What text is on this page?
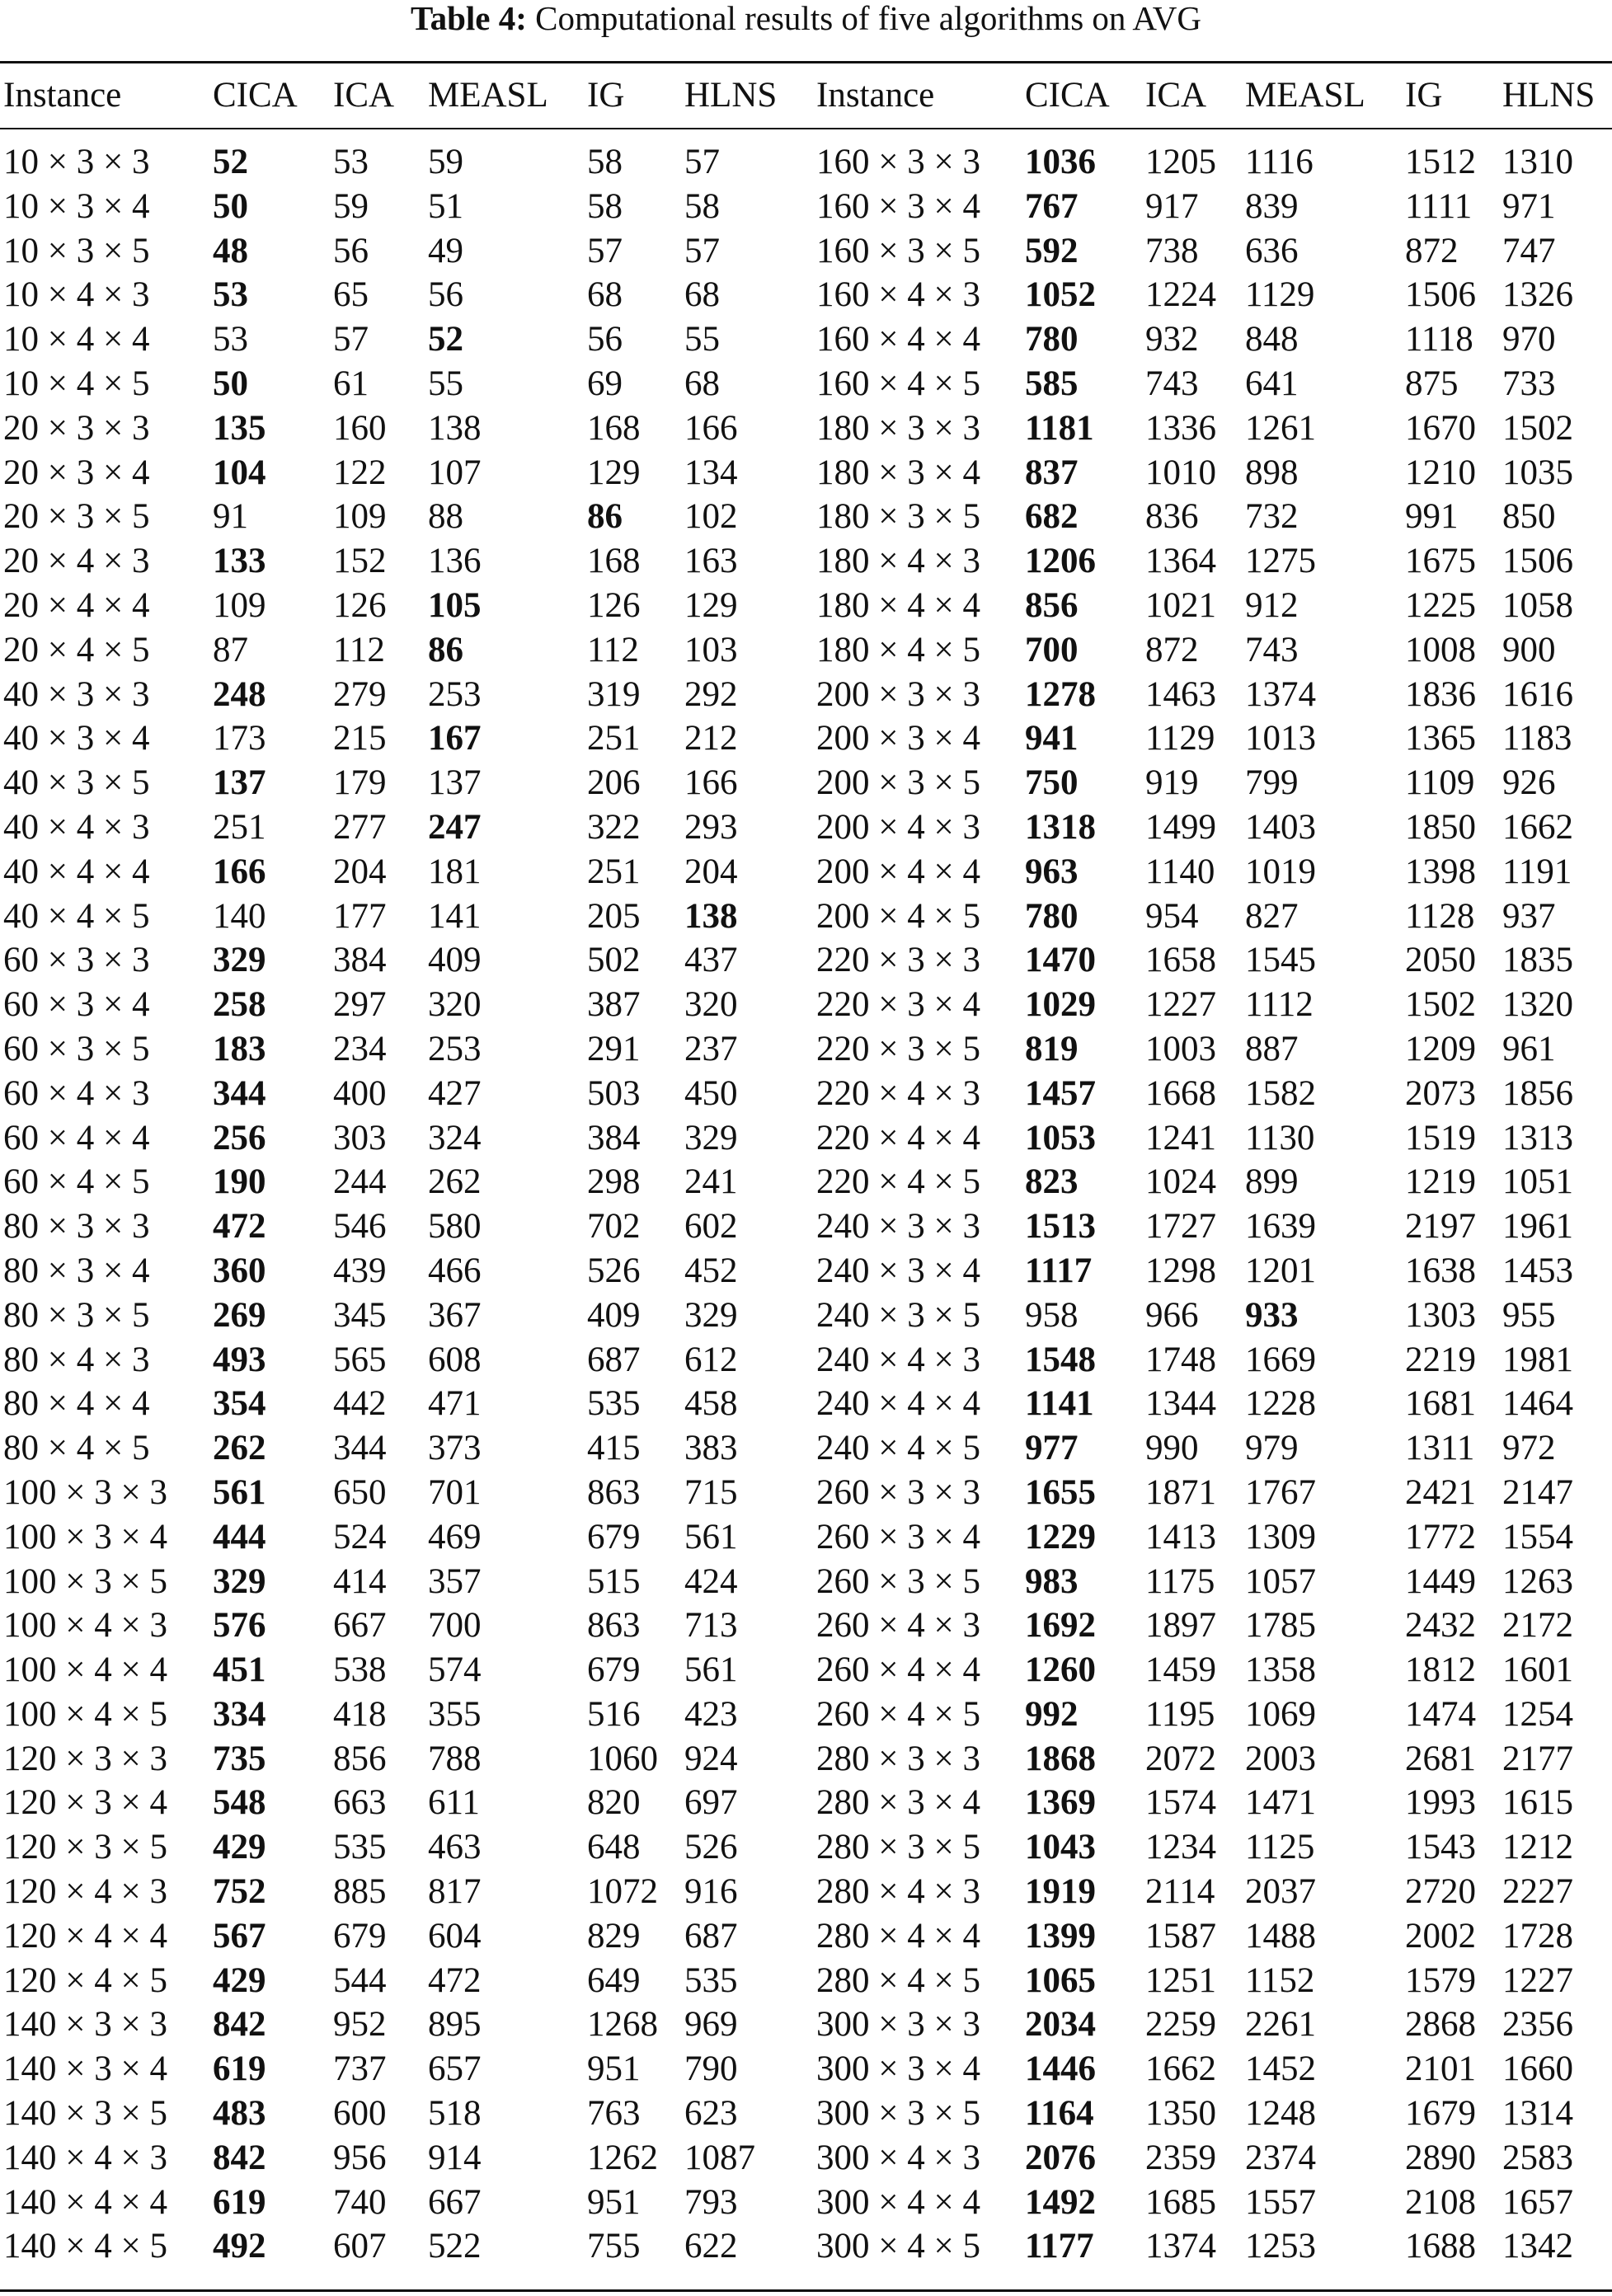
Table 4: Computational results of five algorithms on AVG
Instance	CICA ICA MEASL IG HLNS Instance	CICA ICA MEASL IG HLNS
10 × 3 × 3 52 53 59	58 57	160 × 3 × 3 1036 1205 1116	1512 1310
10 × 3 × 4 50 59 51	58 58	160 × 3 × 4 767 917 839	1111 971
10 × 3 × 5 48 56 49	57 57	160 × 3 × 5 592 738 636	872 747
10 × 4 × 3 53 65 56	68 68	160 × 4 × 3 1052 1224 1129	1506 1326
10 × 4 × 4 53 57 52	56 55	160 × 4 × 4 780 932 848	1118 970
10 × 4 × 5 50 61 55	69 68	160 × 4 × 5 585 743 641	875 733
20 × 3 × 3 135 160 138	168 166 180 × 3 × 3 1181 1336 1261	1670 1502
20 × 3 × 4 104 122 107	129 134 180 × 3 × 4 837 1010 898	1210 1035
20 × 3 × 5 91 109 88	86 102 180 × 3 × 5 682 836 732	991 850
20 × 4 × 3 133 152 136	168 163 180 × 4 × 3 1206 1364 1275	1675 1506
20 × 4 × 4 109 126 105	126 129 180 × 4 × 4 856 1021 912	1225 1058
20 × 4 × 5 87 112 86	112 103 180 × 4 × 5 700 872 743	1008 900
40 × 3 × 3 248 279 253	319 292 200 × 3 × 3 1278 1463 1374	1836 1616
40 × 3 × 4 173 215 167	251 212 200 × 3 × 4 941 1129 1013	1365 1183
40 × 3 × 5 137 179 137	206 166 200 × 3 × 5 750 919 799	1109 926
40 × 4 × 3 251 277 247	322 293 200 × 4 × 3 1318 1499 1403	1850 1662
40 × 4 × 4 166 204 181	251 204 200 × 4 × 4 963 1140 1019	1398 1191
40 × 4 × 5 140 177 141	205 138 200 × 4 × 5 780 954 827	1128 937
60 × 3 × 3 329 384 409	502 437 220 × 3 × 3 1470 1658 1545	2050 1835
60 × 3 × 4 258 297 320	387 320 220 × 3 × 4 1029 1227 1112	1502 1320
60 × 3 × 5 183 234 253	291 237 220 × 3 × 5 819 1003 887	1209 961
60 × 4 × 3 344 400 427	503 450 220 × 4 × 3 1457 1668 1582	2073 1856
60 × 4 × 4 256 303 324	384 329 220 × 4 × 4 1053 1241 1130	1519 1313
60 × 4 × 5 190 244 262	298 241 220 × 4 × 5 823 1024 899	1219 1051
80 × 3 × 3 472 546 580	702 602 240 × 3 × 3 1513 1727 1639	2197 1961
80 × 3 × 4 360 439 466	526 452 240 × 3 × 4 1117 1298 1201	1638 1453
80 × 3 × 5 269 345 367	409 329 240 × 3 × 5 958 966 933	1303 955
80 × 4 × 3 493 565 608	687 612 240 × 4 × 3 1548 1748 1669	2219 1981
80 × 4 × 4 354 442 471	535 458 240 × 4 × 4 1141 1344 1228	1681 1464
80 × 4 × 5 262 344 373	415 383 240 × 4 × 5 977 990 979	1311 972
100 × 3 × 3 561 650 701	863 715 260 × 3 × 3 1655 1871 1767	2421 2147
100 × 3 × 4 444 524 469	679 561 260 × 3 × 4 1229 1413 1309	1772 1554
100 × 3 × 5 329 414 357	515 424 260 × 3 × 5 983 1175 1057	1449 1263
100 × 4 × 3 576 667 700	863 713 260 × 4 × 3 1692 1897 1785	2432 2172
100 × 4 × 4 451 538 574	679 561 260 × 4 × 4 1260 1459 1358	1812 1601
100 × 4 × 5 334 418 355	516 423 260 × 4 × 5 992 1195 1069	1474 1254
120 × 3 × 3 735 856 788	1060 924 280 × 3 × 3 1868 2072 2003	2681 2177
120 × 3 × 4 548 663 611	820 697 280 × 3 × 4 1369 1574 1471	1993 1615
120 × 3 × 5 429 535 463	648 526 280 × 3 × 5 1043 1234 1125	1543 1212
120 × 4 × 3 752 885 817	1072 916 280 × 4 × 3 1919 2114 2037	2720 2227
120 × 4 × 4 567 679 604	829 687 280 × 4 × 4 1399 1587 1488	2002 1728
120 × 4 × 5 429 544 472	649 535 280 × 4 × 5 1065 1251 1152	1579 1227
140 × 3 × 3 842 952 895	1268 969 300 × 3 × 3 2034 2259 2261	2868 2356
140 × 3 × 4 619 737 657	951 790 300 × 3 × 4 1446 1662 1452	2101 1660
140 × 3 × 5 483 600 518	763 623 300 × 3 × 5 1164 1350 1248	1679 1314
140 × 4 × 3 842 956 914	1262 1087 300 × 4 × 3 2076 2359 2374	2890 2583
140 × 4 × 4 619 740 667	951 793 300 × 4 × 4 1492 1685 1557	2108 1657
140 × 4 × 5 492 607 522	755 622 300 × 4 × 5 1177 1374 1253	1688 1342
